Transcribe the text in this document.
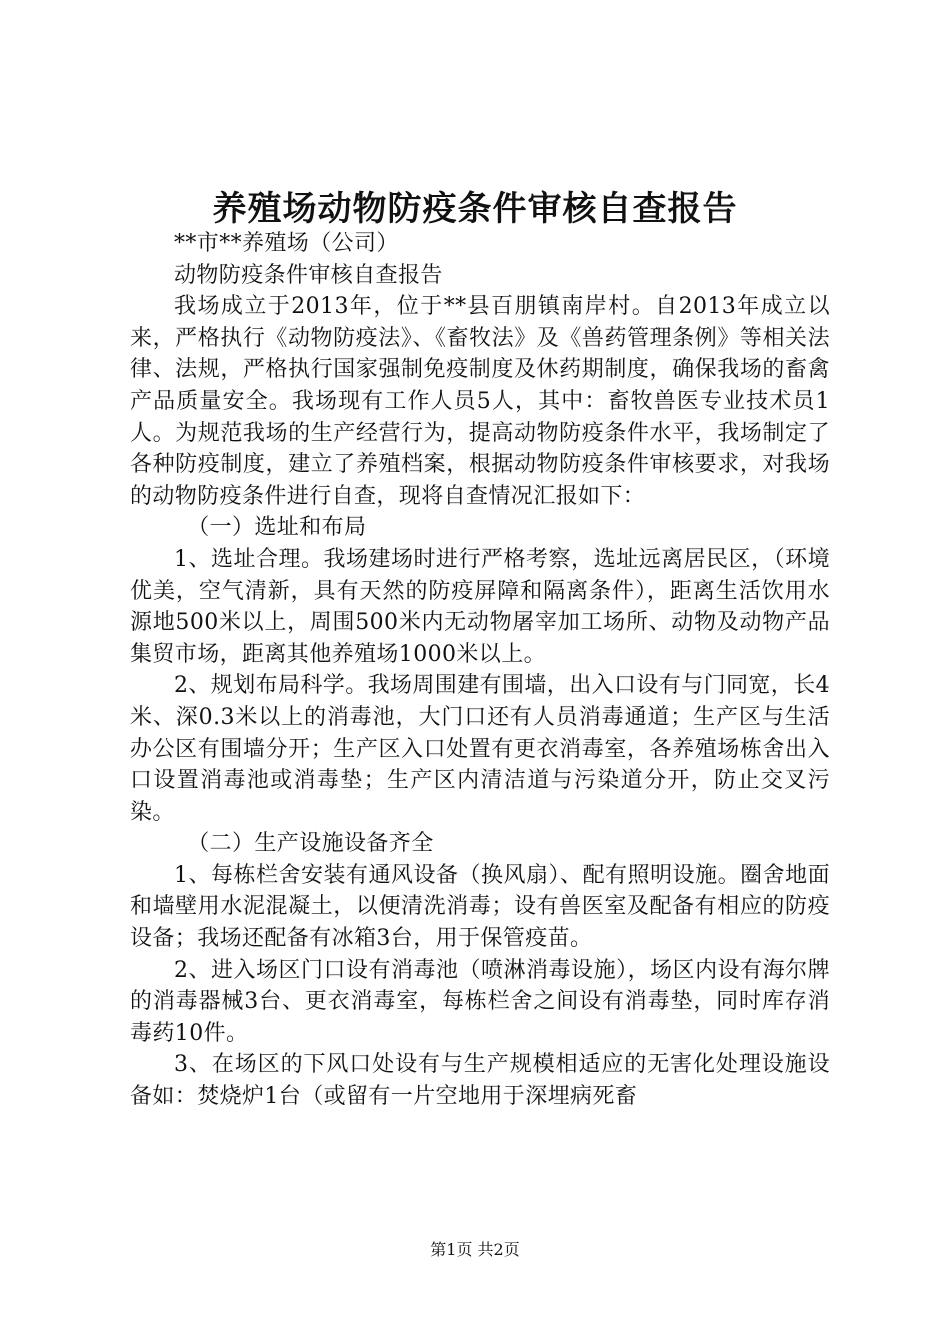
养殖场动物防疫条件审核自查报告

**市**养殖场（公司）

动物防疫条件审核自查报告

我场成立于2013年，位于**县百朋镇南岸村。自2013年成立以来，严格执行《动物防疫法》、《畜牧法》及《兽药管理条例》等相关法律、法规，严格执行国家强制免疫制度及休药期制度，确保我场的畜禽产品质量安全。我场现有工作人员5人，其中：畜牧兽医专业技术员1人。为规范我场的生产经营行为，提高动物防疫条件水平，我场制定了各种防疫制度，建立了养殖档案，根据动物防疫条件审核要求，对我场的动物防疫条件进行自查，现将自查情况汇报如下：

（一）选址和布局

1、选址合理。我场建场时进行严格考察，选址远离居民区，（环境优美，空气清新，具有天然的防疫屏障和隔离条件），距离生活饮用水源地500米以上，周围500米内无动物屠宰加工场所、动物及动物产品集贸市场，距离其他养殖场1000米以上。

2、规划布局科学。我场周围建有围墙，出入口设有与门同宽，长4米、深0.3米以上的消毒池，大门口还有人员消毒通道；生产区与生活办公区有围墙分开；生产区入口处置有更衣消毒室，各养殖场栋舍出入口设置消毒池或消毒垫；生产区内清洁道与污染道分开，防止交叉污染。

（二）生产设施设备齐全

1、每栋栏舍安装有通风设备（换风扇）、配有照明设施。圈舍地面和墙壁用水泥混凝土，以便清洗消毒；设有兽医室及配备有相应的防疫设备；我场还配备有冰箱3台，用于保管疫苗。

2、进入场区门口设有消毒池（喷淋消毒设施），场区内设有海尔牌的消毒器械3台、更衣消毒室，每栋栏舍之间设有消毒垫，同时库存消毒药10件。

3、在场区的下风口处设有与生产规模相适应的无害化处理设施设备如：焚烧炉1台（或留有一片空地用于深埋病死畜

第1页 共2页
